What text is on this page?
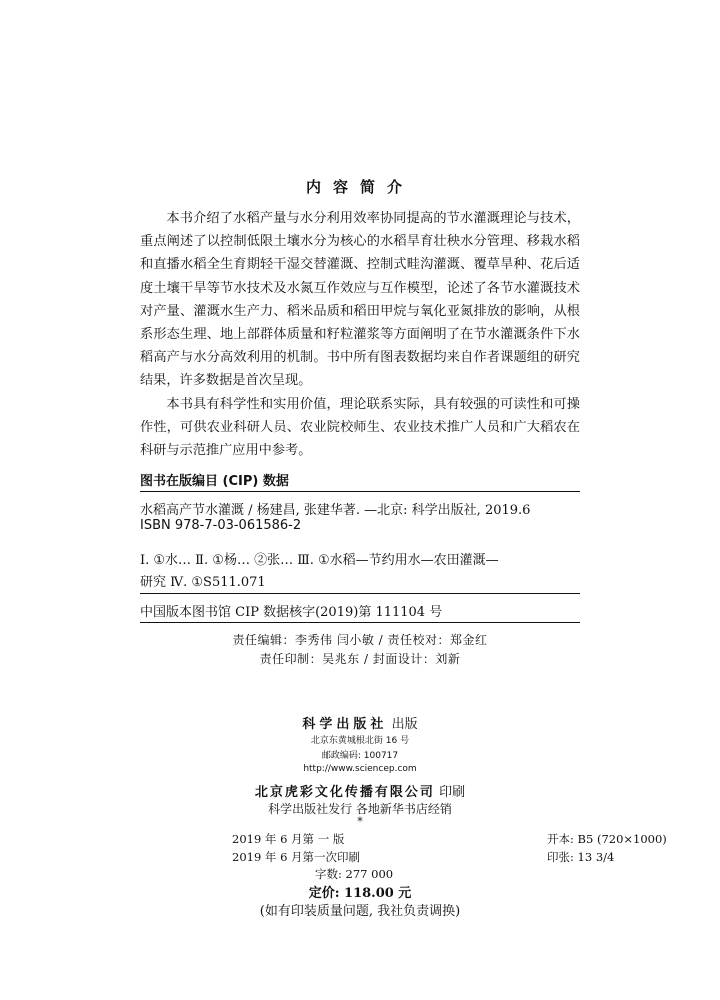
内容简介

本书介绍了水稻产量与水分利用效率协同提高的节水灌溉理论与技术，重点阐述了以控制低限土壤水分为核心的水稻旱育壮秧水分管理、移栽水稻和直播水稻全生育期轻干湿交替灌溉、控制式畦沟灌溉、覆草旱种、花后适度土壤干旱等节水技术及水氮互作效应与互作模型，论述了各节水灌溉技术对产量、灌溉水生产力、稻米品质和稻田甲烷与氧化亚氮排放的影响，从根系形态生理、地上部群体质量和籽粒灌浆等方面阐明了在节水灌溉条件下水稻高产与水分高效利用的机制。书中所有图表数据均来自作者课题组的研究结果，许多数据是首次呈现。

本书具有科学性和实用价值，理论联系实际，具有较强的可读性和可操作性，可供农业科研人员、农业院校师生、农业技术推广人员和广大稻农在科研与示范推广应用中参考。

图书在版编目 (CIP) 数据
水稻高产节水灌溉 / 杨建昌, 张建华著. —北京: 科学出版社, 2019.6
ISBN 978-7-03-061586-2
Ⅰ. ①水… Ⅱ. ①杨… ②张… Ⅲ. ①水稻—节约用水—农田灌溉—
研究 Ⅳ. ①S511.071
中国版本图书馆 CIP 数据核字(2019)第 111104 号
责任编辑：李秀伟 闫小敏 / 责任校对：郑金红
责任印制：吴兆东 / 封面设计：刘新
科学出版社 出版
北京东黄城根北街 16 号
邮政编码: 100717
http://www.sciencep.com
北京虎彩文化传播有限公司 印刷
科学出版社发行 各地新华书店经销
*
2019 年 6 月第 一 版	开本: B5 (720×1000)
2019 年 6 月第一次印刷	印张: 13 3/4
字数: 277 000
定价: 118.00 元
(如有印装质量问题, 我社负责调换)
